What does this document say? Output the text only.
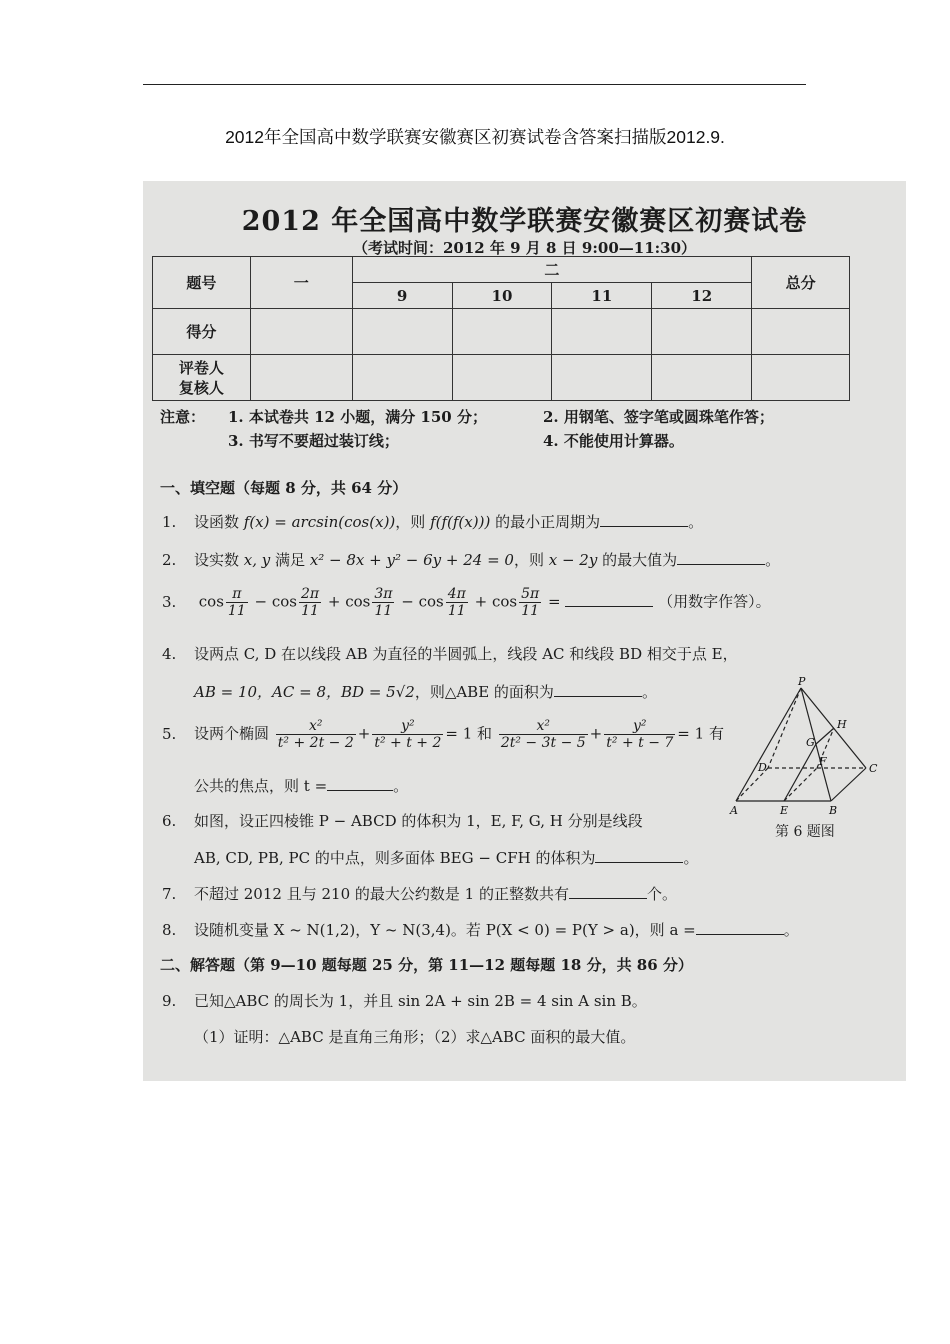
2012年全国高中数学联赛安徽赛区初赛试卷含答案扫描版2012.9.
2012 年全国高中数学联赛安徽赛区初赛试卷
（考试时间：2012 年 9 月 8 日 9:00—11:30）
题号	一	二				总分
		9	10	11	12	
得分						

评卷人
复核人						

注意： 1. 本试卷共 12 小题，满分 150 分；	2. 用钢笔、签字笔或圆珠笔作答；
3. 书写不要超过装订线；	4. 不能使用计算器。
一、填空题（每题 8 分，共 64 分）
1. 设函数 f(x) = arcsin(cos(x))，则 f(f(f(x))) 的最小正周期为	。
2. 设实数 x, y 满足 x² − 8x + y² − 6y + 24 = 0，则 x − 2y 的最大值为	。
3. $\cos \frac{\pi}{11} - \cos \frac{2\pi}{11} + \cos \frac{3\pi}{11} - \cos \frac{4\pi}{11} + \cos \frac{5\pi}{11}$ =	（用数字作答）。
4. 设两点 C, D 在以线段 AB 为直径的半圆弧上，线段 AC 和线段 BD 相交于点 E，
AB = 10，AC = 8，BD = 5√2，则△ABE 的面积为	。
5. 设两个椭圆 $\frac{\text{x²}}{\text{t² + 2t − 2}} + \frac{\text{y²}}{\text{t² + t + 2}} = 1$ 和 $\frac{\text{x²}}{\text{2t² − 3t − 5}} + \frac{\text{y²}}{\text{t² + t − 7}} = 1$ 有
公共的焦点，则 t =	。
6. 如图，设正四棱锥 P − ABCD 的体积为 1，E, F, G, H 分别是线段
AB, CD, PB, PC 的中点，则多面体 BEG − CFH 的体积为	。
7. 不超过 2012 且与 210 的最大公约数是 1 的正整数共有	个。
8. 设随机变量 X ~ N(1,2)，Y ~ N(3,4)。若 P(X < 0) = P(Y > a)，则 a =	。
二、解答题（第 9—10 题每题 25 分，第 11—12 题每题 18 分，共 86 分）
9. 已知△ABC 的周长为 1，并且 sin 2A + sin 2B = 4 sin A sin B。
（1）证明：△ABC 是直角三角形；（2）求△ABC 面积的最大值。
P
H
G
D	F
C
A	E	B
第 6 题图
